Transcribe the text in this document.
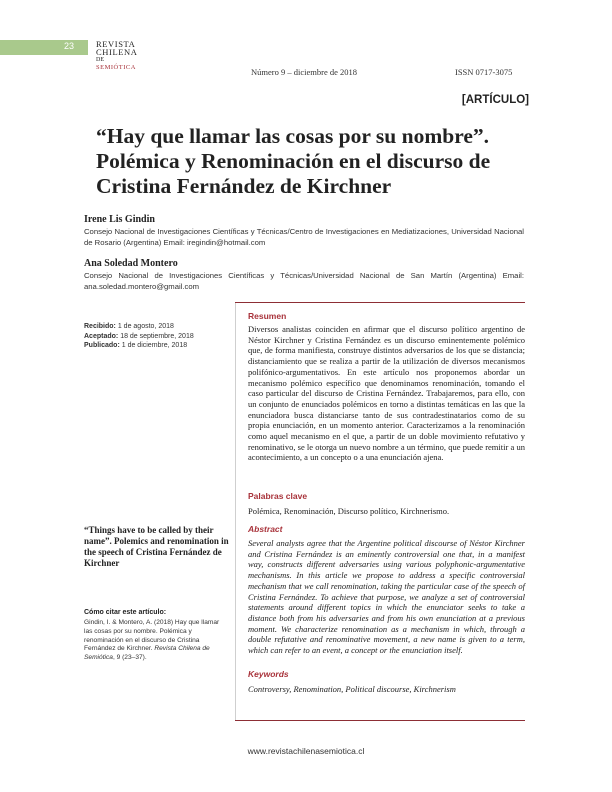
23	REVISTA
CHILENA
DE
SEMIÓTICA	Número 9 – diciembre de 2018	ISSN 0717-3075
[ARTÍCULO]
“Hay que llamar las cosas por su nombre”. Polémica y Renominación en el discurso de Cristina Fernández de Kirchner
Irene Lis Gindin
Consejo Nacional de Investigaciones Científicas y Técnicas/Centro de Investigaciones en Mediatizaciones, Universidad Nacional de Rosario (Argentina) Email: iregindin@hotmail.com
Ana Soledad Montero
Consejo Nacional de Investigaciones Científicas y Técnicas/Universidad Nacional de San Martín (Argentina) Email: ana.soledad.montero@gmail.com
Recibido: 1 de agosto, 2018
Aceptado: 18 de septiembre, 2018
Publicado: 1 de diciembre, 2018
Resumen
Diversos analistas coinciden en afirmar que el discurso político argentino de Néstor Kirchner y Cristina Fernández es un discurso eminentemente polémico que, de forma manifiesta, construye distintos adversarios de los que se distancia; distanciamiento que se realiza a partir de la utilización de diversos mecanismos polifónico-argumentativos. En este artículo nos proponemos abordar un mecanismo polémico específico que denominamos renominación, tomando el caso particular del discurso de Cristina Fernández. Trabajaremos, para ello, con un conjunto de enunciados polémicos en torno a distintas temáticas en las que la enunciadora busca distanciarse tanto de sus contradestinatarios como de su propia enunciación, en un momento anterior. Caracterizamos a la renominación como aquel mecanismo en el que, a partir de un doble movimiento refutativo y renominativo, se le otorga un nuevo nombre a un término, que puede remitir a un acontecimiento, a un concepto o a una enunciación ajena.
Palabras clave
Polémica, Renominación, Discurso político, Kirchnerismo.
“Things have to be called by their name”. Polemics and renomination in the speech of Cristina Fernández de Kirchner
Abstract
Several analysts agree that the Argentine political discourse of Néstor Kirchner and Cristina Fernández is an eminently controversial one that, in a manifest way, constructs different adversaries using various polyphonic-argumentative mechanisms. In this article we propose to address a specific controversial mechanism that we call renomination, taking the particular case of the speech of Cristina Fernández. To achieve that purpose, we analyze a set of controversial statements around different topics in which the enunciator seeks to take a distance both from his adversaries and from his own enunciation at a previous moment. We characterize renomination as a mechanism in which, through a double refutative and renominative movement, a new name is given to a term, which can refer to an event, a concept or the enunciation itself.
Keywords
Controversy, Renomination, Political discourse, Kirchnerism
Cómo citar este artículo:
Gindin, I. & Montero, A. (2018) Hay que llamar las cosas por su nombre. Polémica y renominación en el discurso de Cristina Fernández de Kirchner. Revista Chilena de Semiótica, 9 (23–37).
www.revistachilenasemiotica.cl
